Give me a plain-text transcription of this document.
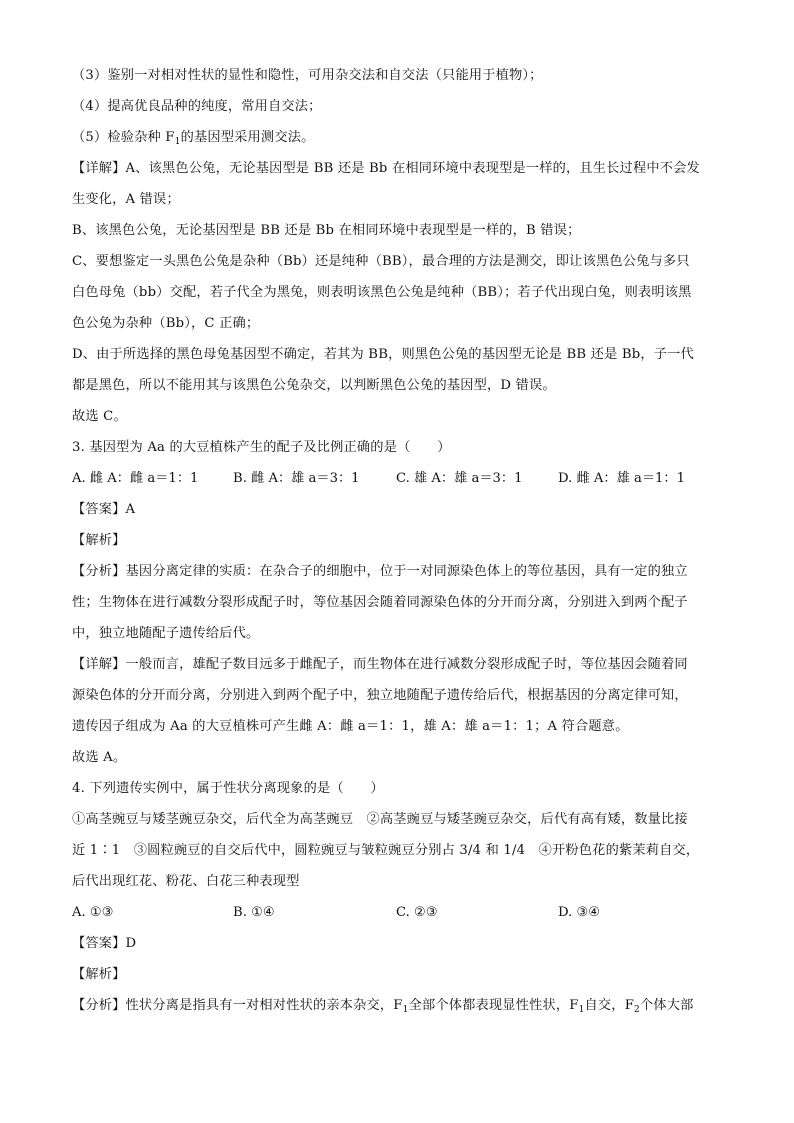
（3）鉴别一对相对性状的显性和隐性，可用杂交法和自交法（只能用于植物）；
（4）提高优良品种的纯度，常用自交法；
（5）检验杂种 $F_1$的基因型采用测交法。
【详解】A、该黑色公兔，无论基因型是 BB 还是 Bb 在相同环境中表现型是一样的，且生长过程中不会发
生变化，A 错误；
B、该黑色公兔，无论基因型是 BB 还是 Bb 在相同环境中表现型是一样的，B 错误；
C、要想鉴定一头黑色公兔是杂种（Bb）还是纯种（BB），最合理的方法是测交，即让该黑色公兔与多只
白色母兔（bb）交配，若子代全为黑兔，则表明该黑色公兔是纯种（BB）；若子代出现白兔，则表明该黑
色公兔为杂种（Bb），C 正确；
D、由于所选择的黑色母兔基因型不确定，若其为 BB，则黑色公兔的基因型无论是 BB 还是 Bb，子一代
都是黑色，所以不能用其与该黑色公兔杂交，以判断黑色公兔的基因型，D 错误。
故选 C。
3. 基因型为 Aa 的大豆植株产生的配子及比例正确的是（　　）
【答案】A
【解析】
【分析】基因分离定律的实质：在杂合子的细胞中，位于一对同源染色体上的等位基因，具有一定的独立
性；生物体在进行减数分裂形成配子时，等位基因会随着同源染色体的分开而分离，分别进入到两个配子
中，独立地随配子遗传给后代。
【详解】一般而言，雄配子数目远多于雌配子，而生物体在进行减数分裂形成配子时，等位基因会随着同
源染色体的分开而分离，分别进入到两个配子中，独立地随配子遗传给后代，根据基因的分离定律可知，
遗传因子组成为 Aa 的大豆植株可产生雌 A：雌 a＝1：1，雄 A：雄 a＝1：1；A 符合题意。
故选 A。
4. 下列遗传实例中，属于性状分离现象的是（　　）
①高茎豌豆与矮茎豌豆杂交，后代全为高茎豌豆　②高茎豌豆与矮茎豌豆杂交，后代有高有矮，数量比接
近 1∶1　③圆粒豌豆的自交后代中，圆粒豌豆与皱粒豌豆分别占 3/4 和 1/4　④开粉色花的紫茉莉自交，
后代出现红花、粉花、白花三种表现型
【答案】D
【解析】
【分析】性状分离是指具有一对相对性状的亲本杂交，$F_1$全部个体都表现显性性状，$F_1$自交，$F_2$个体大部
A. 雌 A：雌 a＝1：1	B. 雌 A：雄 a＝3：1	C. 雄 A：雄 a＝3：1	D. 雌 A：雄 a＝1：1
A. ①③	B. ①④	C. ②③	D. ③④
